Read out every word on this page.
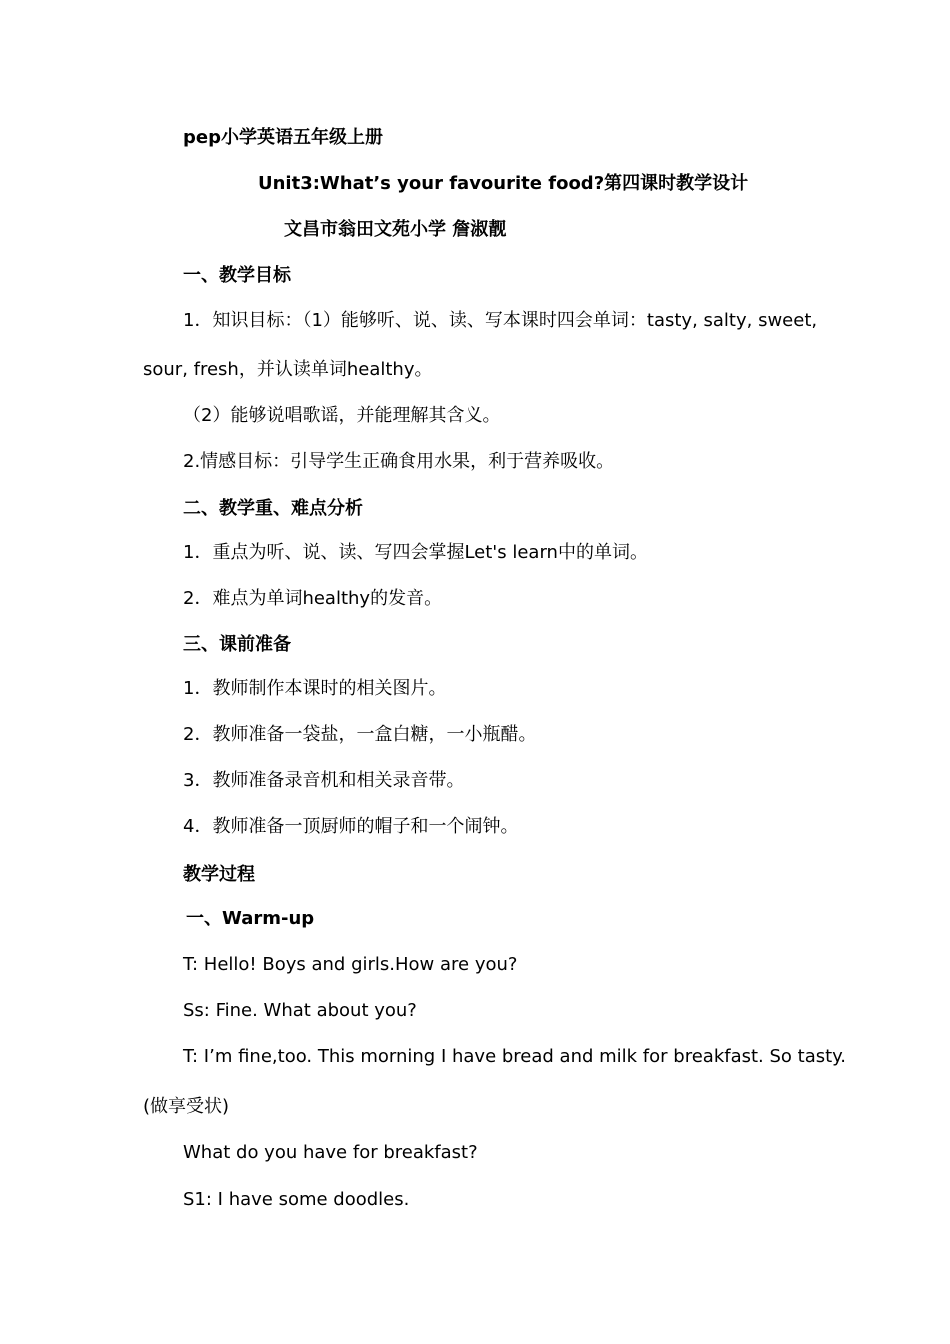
pep小学英语五年级上册
Unit3:What’s your favourite food?第四课时教学设计
文昌市翁田文苑小学 詹淑靓
一、教学目标
1．知识目标：（1）能够听、说、读、写本课时四会单词：tasty, salty, sweet,
sour, fresh，并认读单词healthy。
（2）能够说唱歌谣，并能理解其含义。
2.情感目标：引导学生正确食用水果，利于营养吸收。
二、教学重、难点分析
1．重点为听、说、读、写四会掌握Let's learn中的单词。
2．难点为单词healthy的发音。
三、课前准备
1．教师制作本课时的相关图片。
2．教师准备一袋盐，一盒白糖，一小瓶醋。
3．教师准备录音机和相关录音带。
4．教师准备一顶厨师的帽子和一个闹钟。
教学过程
一、Warm-up
T: Hello! Boys and girls.How are you?
Ss: Fine. What about you?
T: I’m fine,too. This morning I have bread and milk for breakfast. So tasty.
(做享受状)
What do you have for breakfast?
S1: I have some doodles.
